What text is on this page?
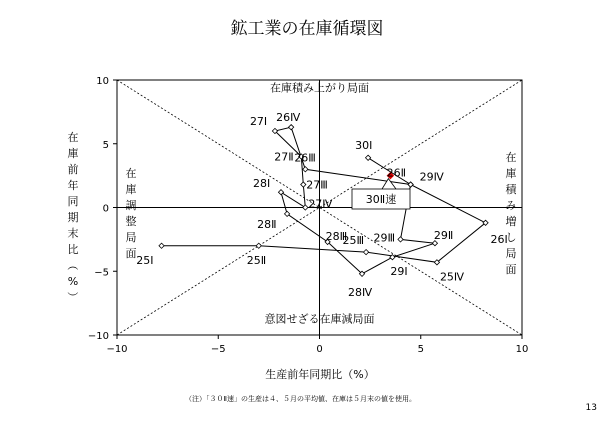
鉱工業の在庫循環図
−10	−5	0	5	10
10
5
0
−5
−10
在庫積み上がり局面
意図せざる在庫減局面
在
庫
積
み
増
し
局
面
在
庫
調
整
局
面
25Ⅰ	25Ⅱ
25Ⅲ
25Ⅳ
26Ⅰ
26Ⅱ
26Ⅲ
26Ⅳ
27Ⅰ
27Ⅱ
27Ⅲ
27Ⅳ
28Ⅰ
28Ⅱ
28Ⅲ
28Ⅳ
29Ⅰ
29Ⅱ
29Ⅲ
29Ⅳ
30Ⅰ
30Ⅱ速
生産前年同期比（%）
在
庫
前
年
同
期
末
比
（
%
）
（注）「３０Ⅱ速」の生産は４、５月の平均値、在庫は５月末の値を使用。
13
